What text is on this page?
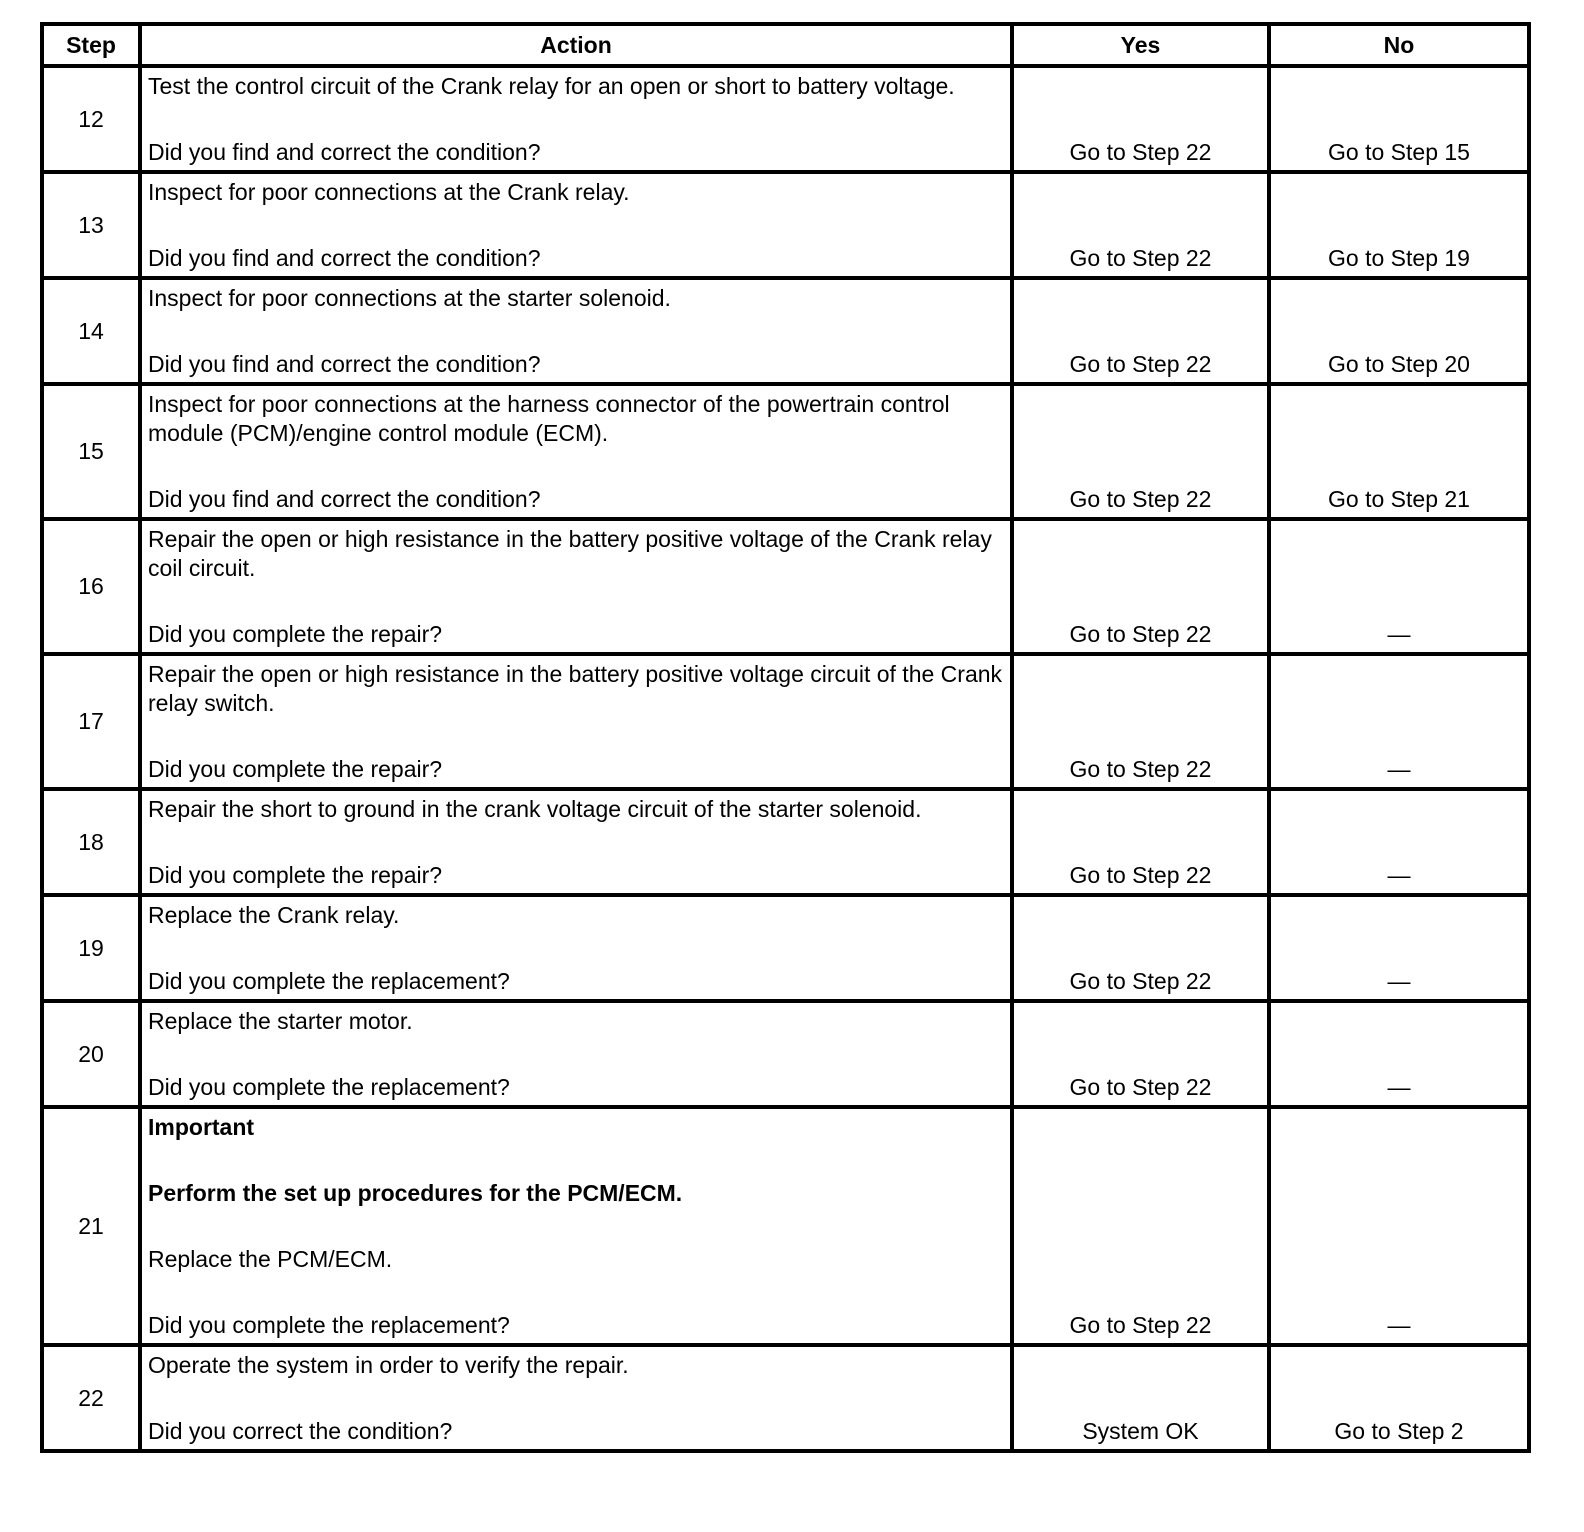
Step	Action	Yes	No
12	Test the control circuit of the Crank relay for an open or short to battery voltage.

Did you find and correct the condition?	Go to Step 22	Go to Step 15
13	Inspect for poor connections at the Crank relay.

Did you find and correct the condition?	Go to Step 22	Go to Step 19
14	Inspect for poor connections at the starter solenoid.

Did you find and correct the condition?	Go to Step 22	Go to Step 20
15	Inspect for poor connections at the harness connector of the powertrain control module (PCM)/engine control module (ECM).

Did you find and correct the condition?	Go to Step 22	Go to Step 21
16	Repair the open or high resistance in the battery positive voltage of the Crank relay coil circuit.

Did you complete the repair?	Go to Step 22	—
17	Repair the open or high resistance in the battery positive voltage circuit of the Crank relay switch.

Did you complete the repair?	Go to Step 22	—
18	Repair the short to ground in the crank voltage circuit of the starter solenoid.

Did you complete the repair?	Go to Step 22	—
19	Replace the Crank relay.

Did you complete the replacement?	Go to Step 22	—
20	Replace the starter motor.

Did you complete the replacement?	Go to Step 22	—
21	Important

Perform the set up procedures for the PCM/ECM.

Replace the PCM/ECM.

Did you complete the replacement?	Go to Step 22	—
22	Operate the system in order to verify the repair.

Did you correct the condition?	System OK	Go to Step 2
